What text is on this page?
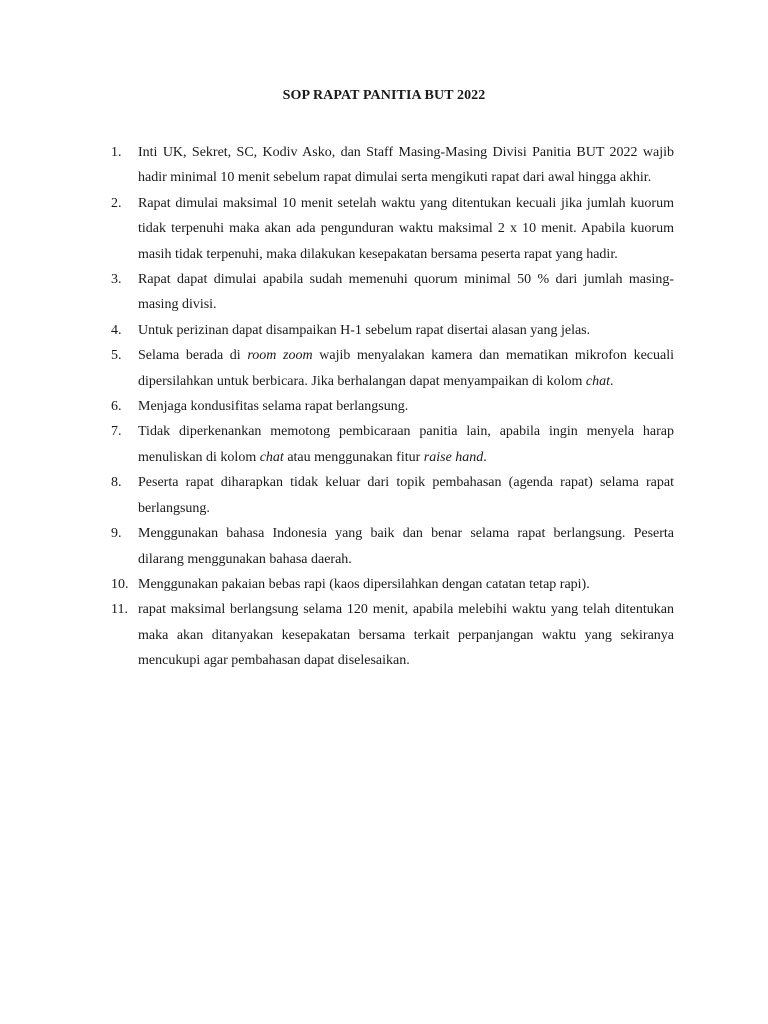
SOP RAPAT PANITIA BUT 2022
1.	Inti UK, Sekret, SC, Kodiv Asko, dan Staff Masing-Masing Divisi Panitia BUT 2022 wajib hadir minimal 10 menit sebelum rapat dimulai serta mengikuti rapat dari awal hingga akhir.
2.	Rapat dimulai maksimal 10 menit setelah waktu yang ditentukan kecuali jika jumlah kuorum tidak terpenuhi maka akan ada pengunduran waktu maksimal 2 x 10 menit. Apabila kuorum masih tidak terpenuhi, maka dilakukan kesepakatan bersama peserta rapat yang hadir.
3.	Rapat dapat dimulai apabila sudah memenuhi quorum minimal 50 % dari jumlah masing-masing divisi.
4.	Untuk perizinan dapat disampaikan H-1 sebelum rapat disertai alasan yang jelas.
5.	Selama berada di room zoom wajib menyalakan kamera dan mematikan mikrofon kecuali dipersilahkan untuk berbicara. Jika berhalangan dapat menyampaikan di kolom chat.
6.	Menjaga kondusifitas selama rapat berlangsung.
7.	Tidak diperkenankan memotong pembicaraan panitia lain, apabila ingin menyela harap menuliskan di kolom chat atau menggunakan fitur raise hand.
8.	Peserta rapat diharapkan tidak keluar dari topik pembahasan (agenda rapat) selama rapat berlangsung.
9.	Menggunakan bahasa Indonesia yang baik dan benar selama rapat berlangsung. Peserta dilarang menggunakan bahasa daerah.
10. Menggunakan pakaian bebas rapi (kaos dipersilahkan dengan catatan tetap rapi).
11. rapat maksimal berlangsung selama 120 menit, apabila melebihi waktu yang telah ditentukan maka akan ditanyakan kesepakatan bersama terkait perpanjangan waktu yang sekiranya mencukupi agar pembahasan dapat diselesaikan.
